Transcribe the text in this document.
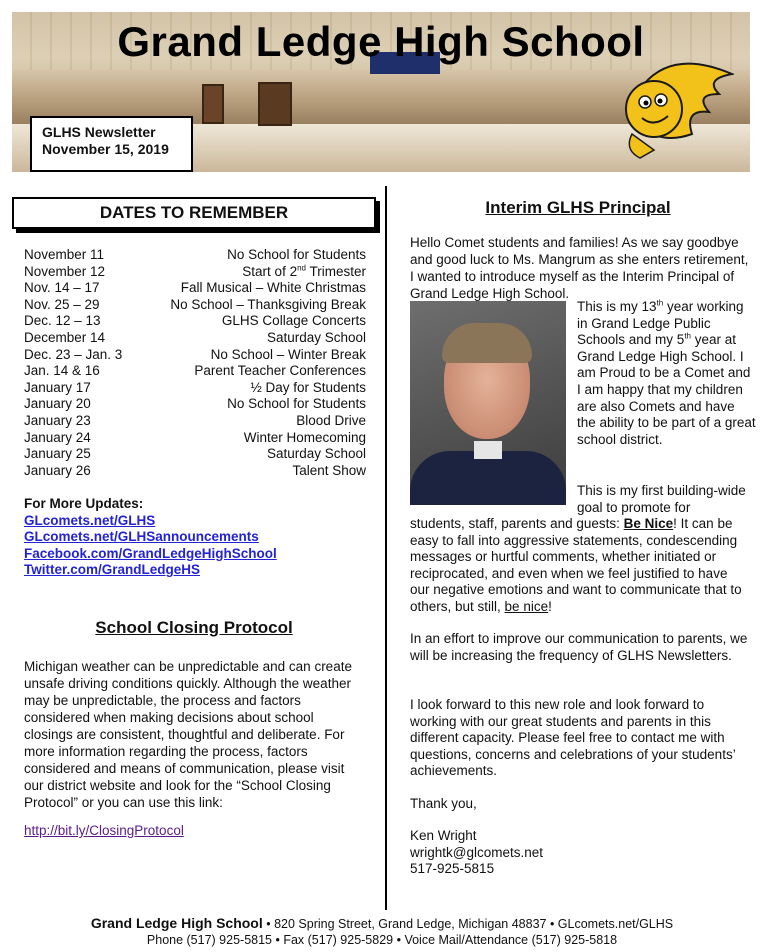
Grand Ledge High School
GLHS Newsletter
November 15, 2019
DATES TO REMEMBER
November 11	No School for Students
November 12	Start of 2nd Trimester
Nov. 14 – 17	Fall Musical – White Christmas
Nov. 25 – 29	No School – Thanksgiving Break
Dec. 12 – 13	GLHS Collage Concerts
December 14	Saturday School
Dec. 23 – Jan. 3	No School – Winter Break
Jan. 14 & 16	Parent Teacher Conferences
January 17	½ Day for Students
January 20	No School for Students
January 23	Blood Drive
January 24	Winter Homecoming
January 25	Saturday School
January 26	Talent Show
For More Updates:
GLcomets.net/GLHS
GLcomets.net/GLHSannouncements
Facebook.com/GrandLedgeHighSchool
Twitter.com/GrandLedgeHS
School Closing Protocol
Michigan weather can be unpredictable and can create unsafe driving conditions quickly. Although the weather may be unpredictable, the process and factors considered when making decisions about school closings are consistent, thoughtful and deliberate. For more information regarding the process, factors considered and means of communication, please visit our district website and look for the “School Closing Protocol” or you can use this link:
http://bit.ly/ClosingProtocol
Interim GLHS Principal
Hello Comet students and families! As we say goodbye and good luck to Ms. Mangrum as she enters retirement, I wanted to introduce myself as the Interim Principal of Grand Ledge High School.
This is my 13th year working in Grand Ledge Public Schools and my 5th year at Grand Ledge High School. I am Proud to be a Comet and I am happy that my children are also Comets and have the ability to be part of a great school district.
This is my first building-wide goal to promote for
students, staff, parents and guests: Be Nice! It can be easy to fall into aggressive statements, condescending messages or hurtful comments, whether initiated or reciprocated, and even when we feel justified to have our negative emotions and want to communicate that to others, but still, be nice!
In an effort to improve our communication to parents, we will be increasing the frequency of GLHS Newsletters.
I look forward to this new role and look forward to working with our great students and parents in this different capacity. Please feel free to contact me with questions, concerns and celebrations of your students’ achievements.
Thank you,
Ken Wright
wrightk@glcomets.net
517-925-5815
Grand Ledge High School • 820 Spring Street, Grand Ledge, Michigan 48837 • GLcomets.net/GLHS
Phone (517) 925-5815 • Fax (517) 925-5829 • Voice Mail/Attendance (517) 925-5818
